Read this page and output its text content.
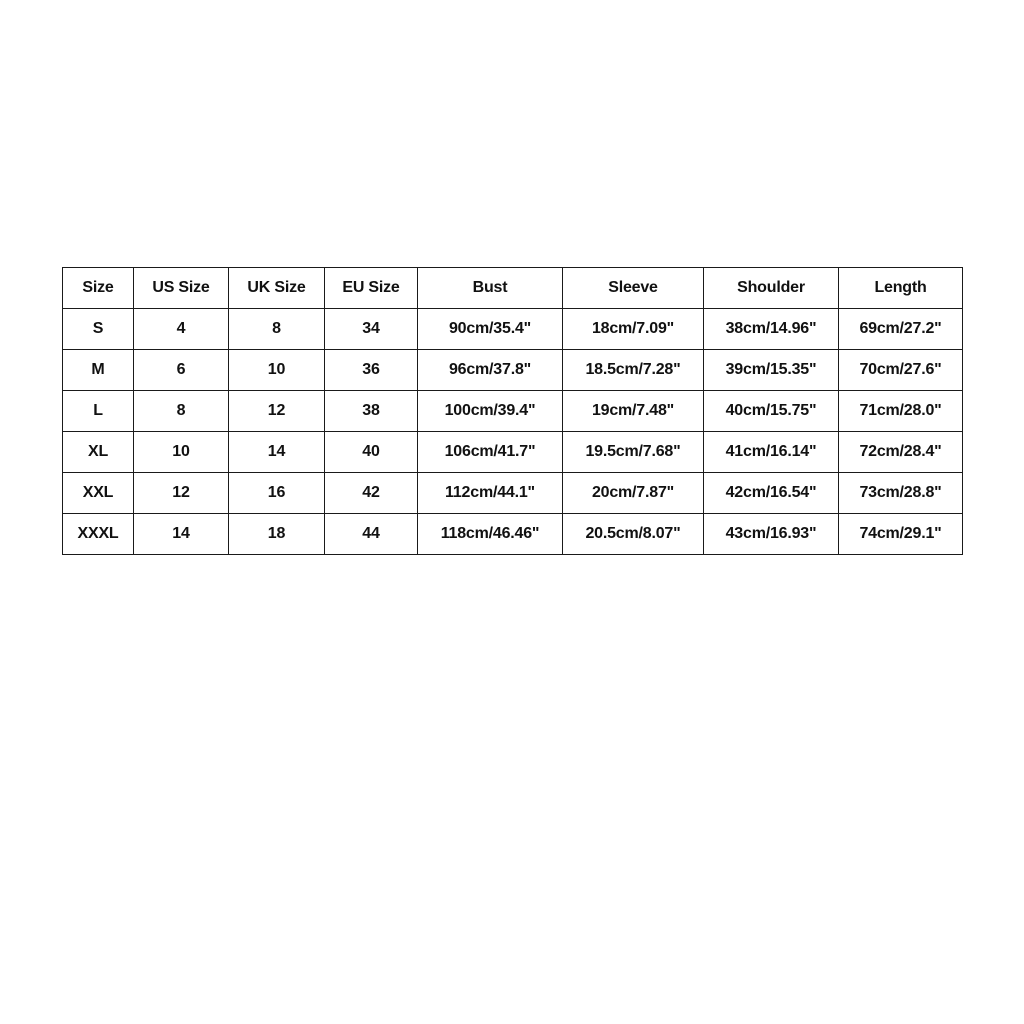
Size	US Size	UK Size	EU Size	Bust	Sleeve	Shoulder	Length
S	4	8	34	90cm/35.4"	18cm/7.09"	38cm/14.96"	69cm/27.2"
M	6	10	36	96cm/37.8"	18.5cm/7.28"	39cm/15.35"	70cm/27.6"
L	8	12	38	100cm/39.4"	19cm/7.48"	40cm/15.75"	71cm/28.0"
XL	10	14	40	106cm/41.7"	19.5cm/7.68"	41cm/16.14"	72cm/28.4"
XXL	12	16	42	112cm/44.1"	20cm/7.87"	42cm/16.54"	73cm/28.8"
XXXL	14	18	44	118cm/46.46"	20.5cm/8.07"	43cm/16.93"	74cm/29.1"
